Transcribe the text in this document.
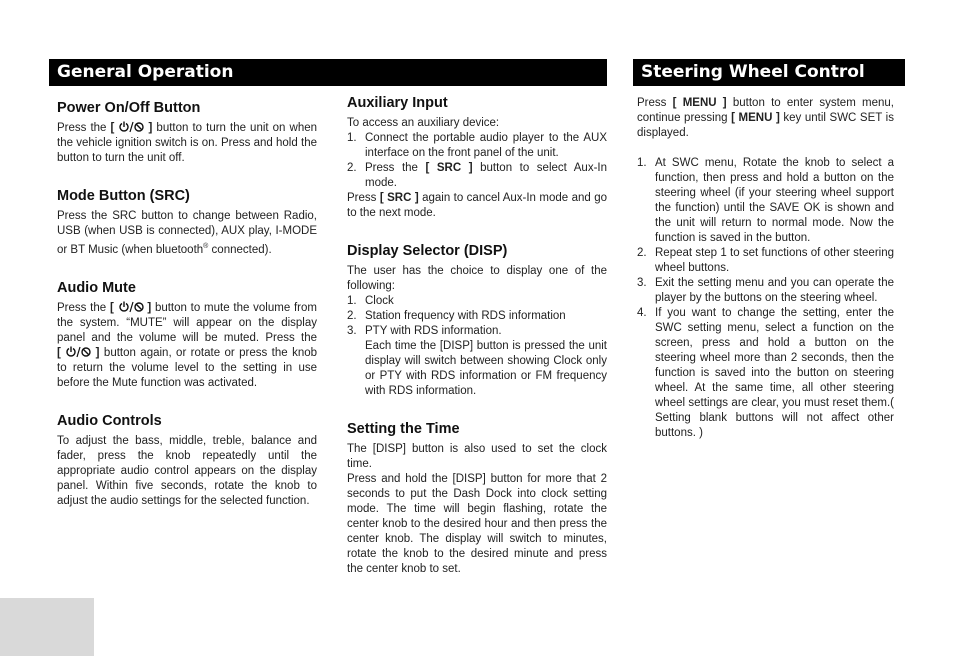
General Operation	Steering Wheel Control
Power On/Off Button

Press the [  ] button to turn the unit on when the vehicle ignition switch is on. Press and hold the button to turn the unit off.

Mode Button (SRC)

Press the SRC button to change between Radio, USB (when USB is connected), AUX play, I-MODE or BT Music (when bluetooth® connected).

Audio Mute

Press the [  ] button to mute the volume from the system. “MUTE” will appear on the display panel and the volume will be muted. Press the [  ] button again, or rotate or press the knob to return the volume level to the setting in use before the Mute function was activated.

Audio Controls

To adjust the bass, middle, treble, balance and fader, press the knob repeatedly until the appropriate audio control appears on the display panel. Within five seconds, rotate the knob to adjust the audio settings for the selected function.

Auxiliary Input

To access an auxiliary device:

1. Connect the portable audio player to the AUX interface on the front panel of the unit.
2. Press the [ SRC ] button to select Aux-In mode.

Press [ SRC ] again to cancel Aux-In mode and go to the next mode.

Display Selector (DISP)

The user has the choice to display one of the following:

1. Clock
2. Station frequency with RDS information
3. PTY with RDS information.
Each time the [DISP] button is pressed the unit display will switch between showing Clock only or PTY with RDS information or FM frequency with RDS information.
Setting the Time

The [DISP] button is also used to set the clock time.

Press and hold the [DISP] button for more that 2 seconds to put the Dash Dock into clock setting mode. The time will begin flashing, rotate the center knob to the desired hour and then press the center knob. The display will switch to minutes, rotate the knob to the desired minute and press the center knob to set.

Press [ MENU ] button to enter system menu, continue pressing [ MENU ] key until SWC SET is displayed.

1. At SWC menu, Rotate the knob to select a function, then press and hold a button on the steering wheel (if your steering wheel support the function) until the SAVE OK is shown and the unit will return to normal mode. Now the function is saved in the button.
2. Repeat step 1 to set functions of other steering wheel buttons.
3. Exit the setting menu and you can operate the player by the buttons on the steering wheel.
4. If you want to change the setting, enter the SWC setting menu, select a function on the screen, press and hold a button on the steering wheel more than 2 seconds, then the function is saved into the button on steering wheel. At the same time, all other steering wheel settings are clear, you must reset them.( Setting blank buttons will not affect other buttons. )
